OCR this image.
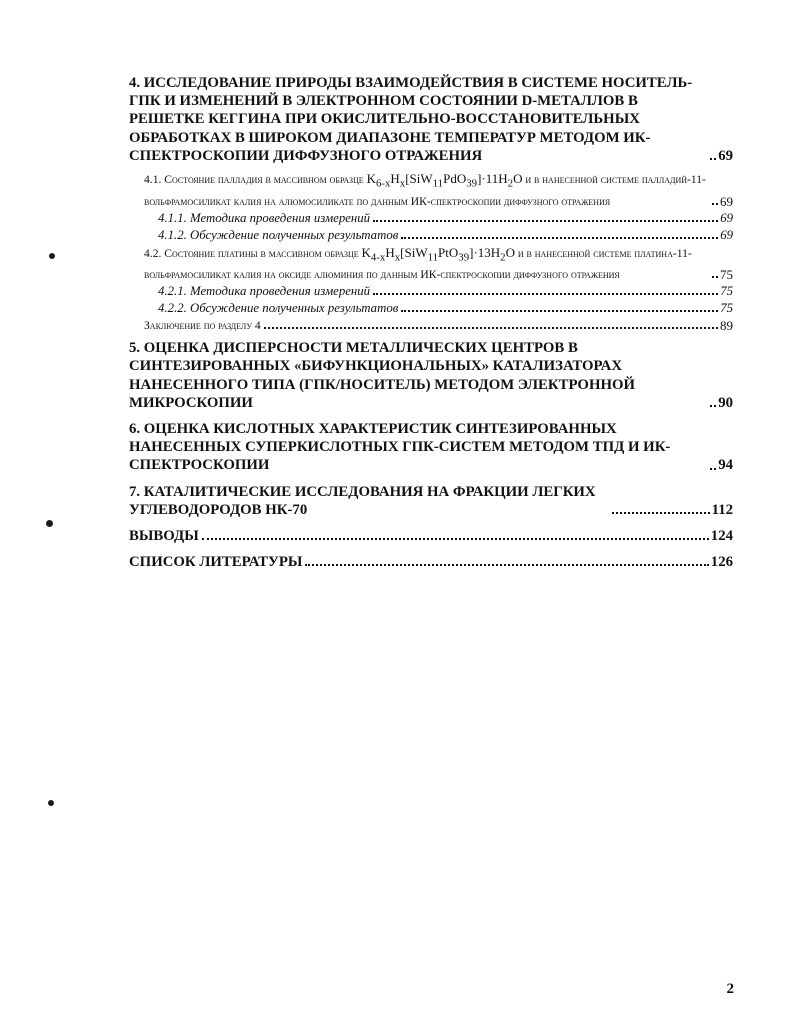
4. ИССЛЕДОВАНИЕ ПРИРОДЫ ВЗАИМОДЕЙСТВИЯ В СИСТЕМЕ НОСИТЕЛЬ-ГПК И ИЗМЕНЕНИЙ В ЭЛЕКТРОННОМ СОСТОЯНИИ D-МЕТАЛЛОВ В РЕШЕТКЕ КЕГГИНА ПРИ ОКИСЛИТЕЛЬНО-ВОССТАНОВИТЕЛЬНЫХ ОБРАБОТКАХ В ШИРОКОМ ДИАПАЗОНЕ ТЕМПЕРАТУР МЕТОДОМ ИК-СПЕКТРОСКОПИИ ДИФФУЗНОГО ОТРАЖЕНИЯ	69
4.1. Состояние палладия в массивном образце $K_{6-x}H_x[SiW_{11}PdO_{39}]\cdot 11H_2O$ и в нанесенной системе палладий-11-вольфрамосиликат калия на алюмосиликате по данным ИК-спектроскопии диффузного отражения	69
4.1.1. Методика проведения измерений	69
4.1.2. Обсуждение полученных результатов	69
4.2. Состояние платины в массивном образце $K_{4-x}H_x[SiW_{11}PtO_{39}]\cdot 13H_2O$ и в нанесенной системе платина-11-вольфрамосиликат калия на оксиде алюминия по данным ИК-спектроскопии диффузного отражения	75
4.2.1. Методика проведения измерений	75
4.2.2. Обсуждение полученных результатов	75
Заключение по разделу 4	89
5. ОЦЕНКА ДИСПЕРСНОСТИ МЕТАЛЛИЧЕСКИХ ЦЕНТРОВ В СИНТЕЗИРОВАННЫХ «БИФУНКЦИОНАЛЬНЫХ» КАТАЛИЗАТОРАХ НАНЕСЕННОГО ТИПА (ГПК/НОСИТЕЛЬ) МЕТОДОМ ЭЛЕКТРОННОЙ МИКРОСКОПИИ	90
6. ОЦЕНКА КИСЛОТНЫХ ХАРАКТЕРИСТИК СИНТЕЗИРОВАННЫХ НАНЕСЕННЫХ СУПЕРКИСЛОТНЫХ ГПК-СИСТЕМ МЕТОДОМ ТПД И ИК-СПЕКТРОСКОПИИ	94
7. КАТАЛИТИЧЕСКИЕ ИССЛЕДОВАНИЯ НА ФРАКЦИИ ЛЕГКИХ УГЛЕВОДОРОДОВ НК-70	112
ВЫВОДЫ	124
СПИСОК ЛИТЕРАТУРЫ	126
2
